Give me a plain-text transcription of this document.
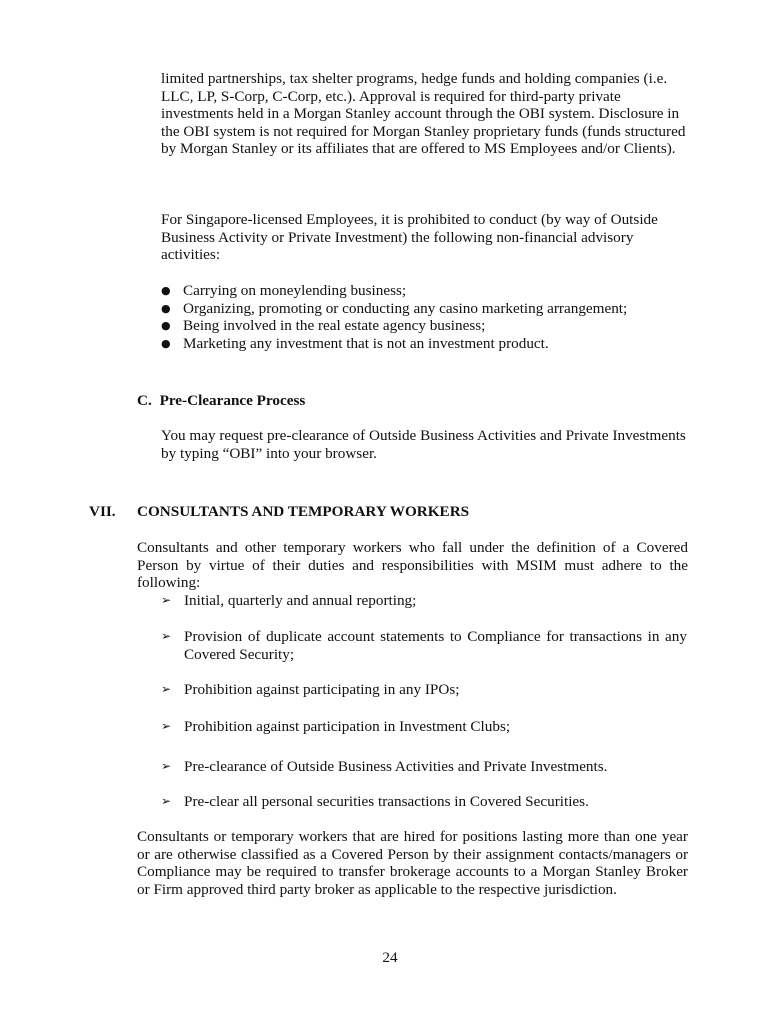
limited partnerships, tax shelter programs, hedge funds and holding companies (i.e. LLC, LP, S-Corp, C-Corp, etc.). Approval is required for third-party private investments held in a Morgan Stanley account through the OBI system. Disclosure in the OBI system is not required for Morgan Stanley proprietary funds (funds structured by Morgan Stanley or its affiliates that are offered to MS Employees and/or Clients).

For Singapore-licensed Employees, it is prohibited to conduct (by way of Outside Business Activity or Private Investment) the following non-financial advisory activities:

● Carrying on moneylending business;
● Organizing, promoting or conducting any casino marketing arrangement;
● Being involved in the real estate agency business;
● Marketing any investment that is not an investment product.
C. Pre-Clearance Process

You may request pre-clearance of Outside Business Activities and Private Investments by typing “OBI” into your browser.

VII. CONSULTANTS AND TEMPORARY WORKERS

Consultants and other temporary workers who fall under the definition of a Covered Person by virtue of their duties and responsibilities with MSIM must adhere to the following:

➢ Initial, quarterly and annual reporting;
➢ Provision of duplicate account statements to Compliance for transactions in any Covered Security;
➢ Prohibition against participating in any IPOs;
➢ Prohibition against participation in Investment Clubs;
➢ Pre-clearance of Outside Business Activities and Private Investments.
➢ Pre-clear all personal securities transactions in Covered Securities.

Consultants or temporary workers that are hired for positions lasting more than one year or are otherwise classified as a Covered Person by their assignment contacts/managers or Compliance may be required to transfer brokerage accounts to a Morgan Stanley Broker or Firm approved third party broker as applicable to the respective jurisdiction.

24
